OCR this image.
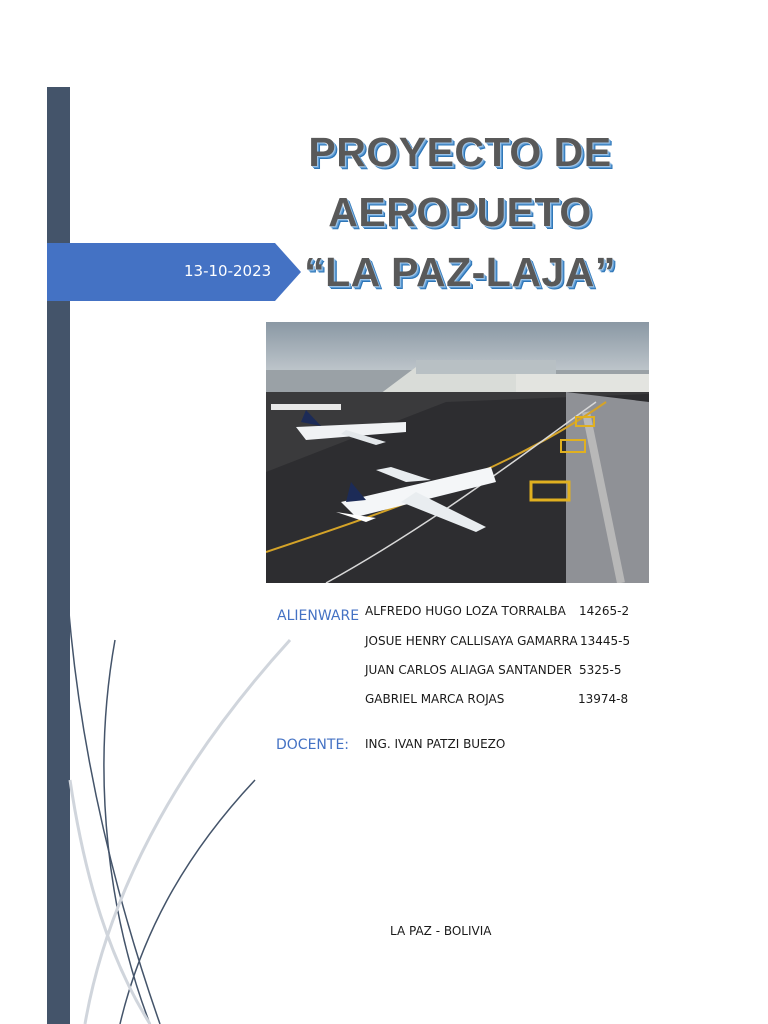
13-10-2023
PROYECTO DE
AEROPUETO
“LA PAZ-LAJA”
ALIENWARE ALFREDO HUGO LOZA TORRALBA 14265-2
JOSUE HENRY CALLISAYA GAMARRA 13445-5
JUAN CARLOS ALIAGA SANTANDER 5325-5
GABRIEL MARCA ROJAS	13974-8
DOCENTE: ING. IVAN PATZI BUEZO
LA PAZ - BOLIVIA
